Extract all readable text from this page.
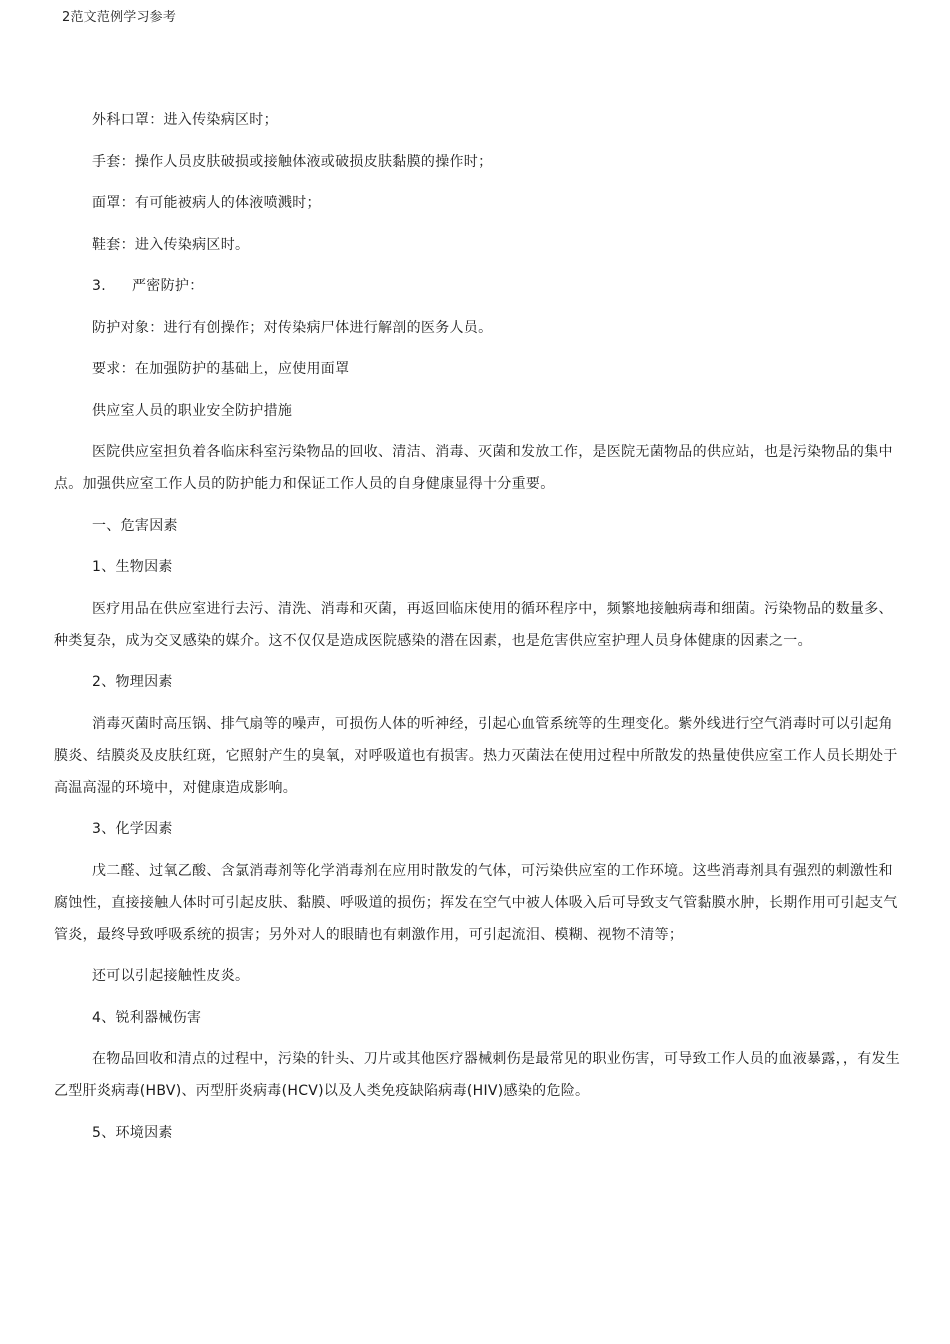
2范文范例学习参考

外科口罩：进入传染病区时；

手套：操作人员皮肤破损或接触体液或破损皮肤黏膜的操作时；

面罩：有可能被病人的体液喷溅时；

鞋套：进入传染病区时。

3. 严密防护：

防护对象：进行有创操作；对传染病尸体进行解剖的医务人员。

要求：在加强防护的基础上，应使用面罩

供应室人员的职业安全防护措施

医院供应室担负着各临床科室污染物品的回收、清洁、消毒、灭菌和发放工作，是医院无菌物品的供应站，也是污染物品的集中点。加强供应室工作人员的防护能力和保证工作人员的自身健康显得十分重要。

一、危害因素

1、生物因素

医疗用品在供应室进行去污、清洗、消毒和灭菌，再返回临床使用的循环程序中，频繁地接触病毒和细菌。污染物品的数量多、种类复杂，成为交叉感染的媒介。这不仅仅是造成医院感染的潜在因素，也是危害供应室护理人员身体健康的因素之一。

2、物理因素

消毒灭菌时高压锅、排气扇等的噪声，可损伤人体的听神经，引起心血管系统等的生理变化。紫外线进行空气消毒时可以引起角膜炎、结膜炎及皮肤红斑，它照射产生的臭氧，对呼吸道也有损害。热力灭菌法在使用过程中所散发的热量使供应室工作人员长期处于高温高湿的环境中，对健康造成影响。

3、化学因素

戊二醛、过氧乙酸、含氯消毒剂等化学消毒剂在应用时散发的气体，可污染供应室的工作环境。这些消毒剂具有强烈的刺激性和腐蚀性，直接接触人体时可引起皮肤、黏膜、呼吸道的损伤；挥发在空气中被人体吸入后可导致支气管黏膜水肿，长期作用可引起支气管炎，最终导致呼吸系统的损害；另外对人的眼睛也有刺激作用，可引起流泪、模糊、视物不清等；

还可以引起接触性皮炎。

4、锐利器械伤害

在物品回收和清点的过程中，污染的针头、刀片或其他医疗器械刺伤是最常见的职业伤害，可导致工作人员的血液暴露，，有发生乙型肝炎病毒(HBV)、丙型肝炎病毒(HCV)以及人类免疫缺陷病毒(HIV)感染的危险。

5、环境因素
